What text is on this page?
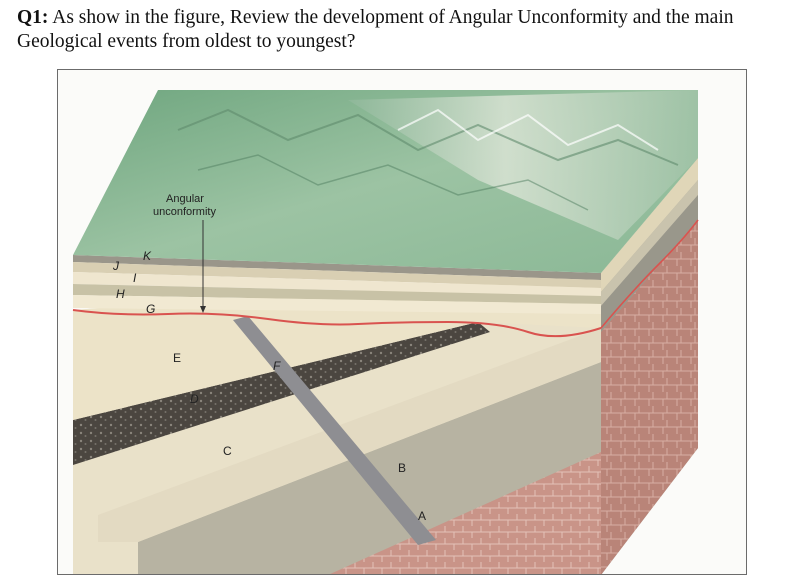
Q1: As show in the figure, Review the development of Angular Unconformity and the main Geological events from oldest to youngest?
Angular
unconformity
K
J
I
H
G
E
D
F
C
B
A
